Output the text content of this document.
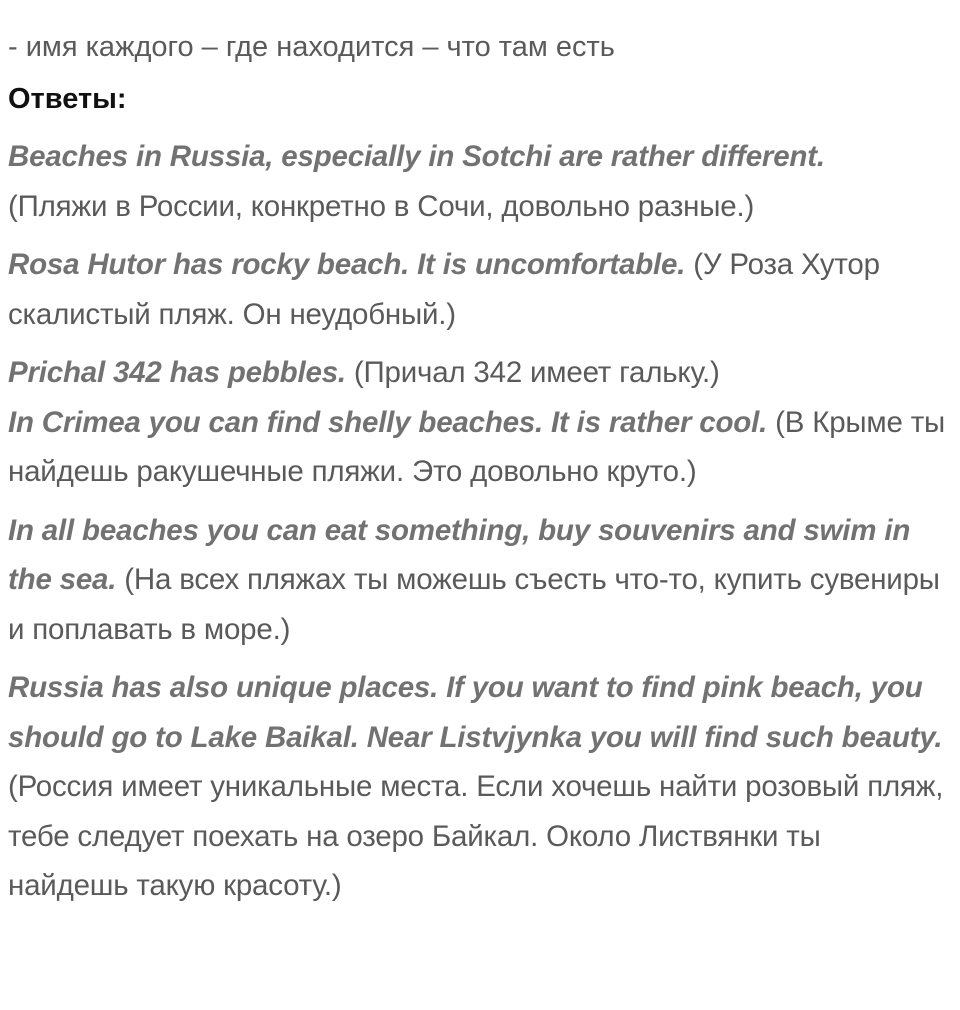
- имя каждого – где находится – что там есть

Ответы:

Beaches in Russia, especially in Sotchi are rather different.
(Пляжи в России, конкретно в Сочи, довольно разные.)

Rosa Hutor has rocky beach. It is uncomfortable. (У Роза Хутор скалистый пляж. Он неудобный.)

Prichal 342 has pebbles. (Причал 342 имеет гальку.)

In Crimea you can find shelly beaches. It is rather cool. (В Крыме ты найдешь ракушечные пляжи. Это довольно круто.)

In all beaches you can eat something, buy souvenirs and swim in the sea. (На всех пляжах ты можешь съесть что-то, купить сувениры и поплавать в море.)

Russia has also unique places. If you want to find pink beach, you should go to Lake Baikal. Near Listvjynka you will find such beauty. (Россия имеет уникальные места. Если хочешь найти розовый пляж, тебе следует поехать на озеро Байкал. Около Листвянки ты найдешь такую красоту.)
